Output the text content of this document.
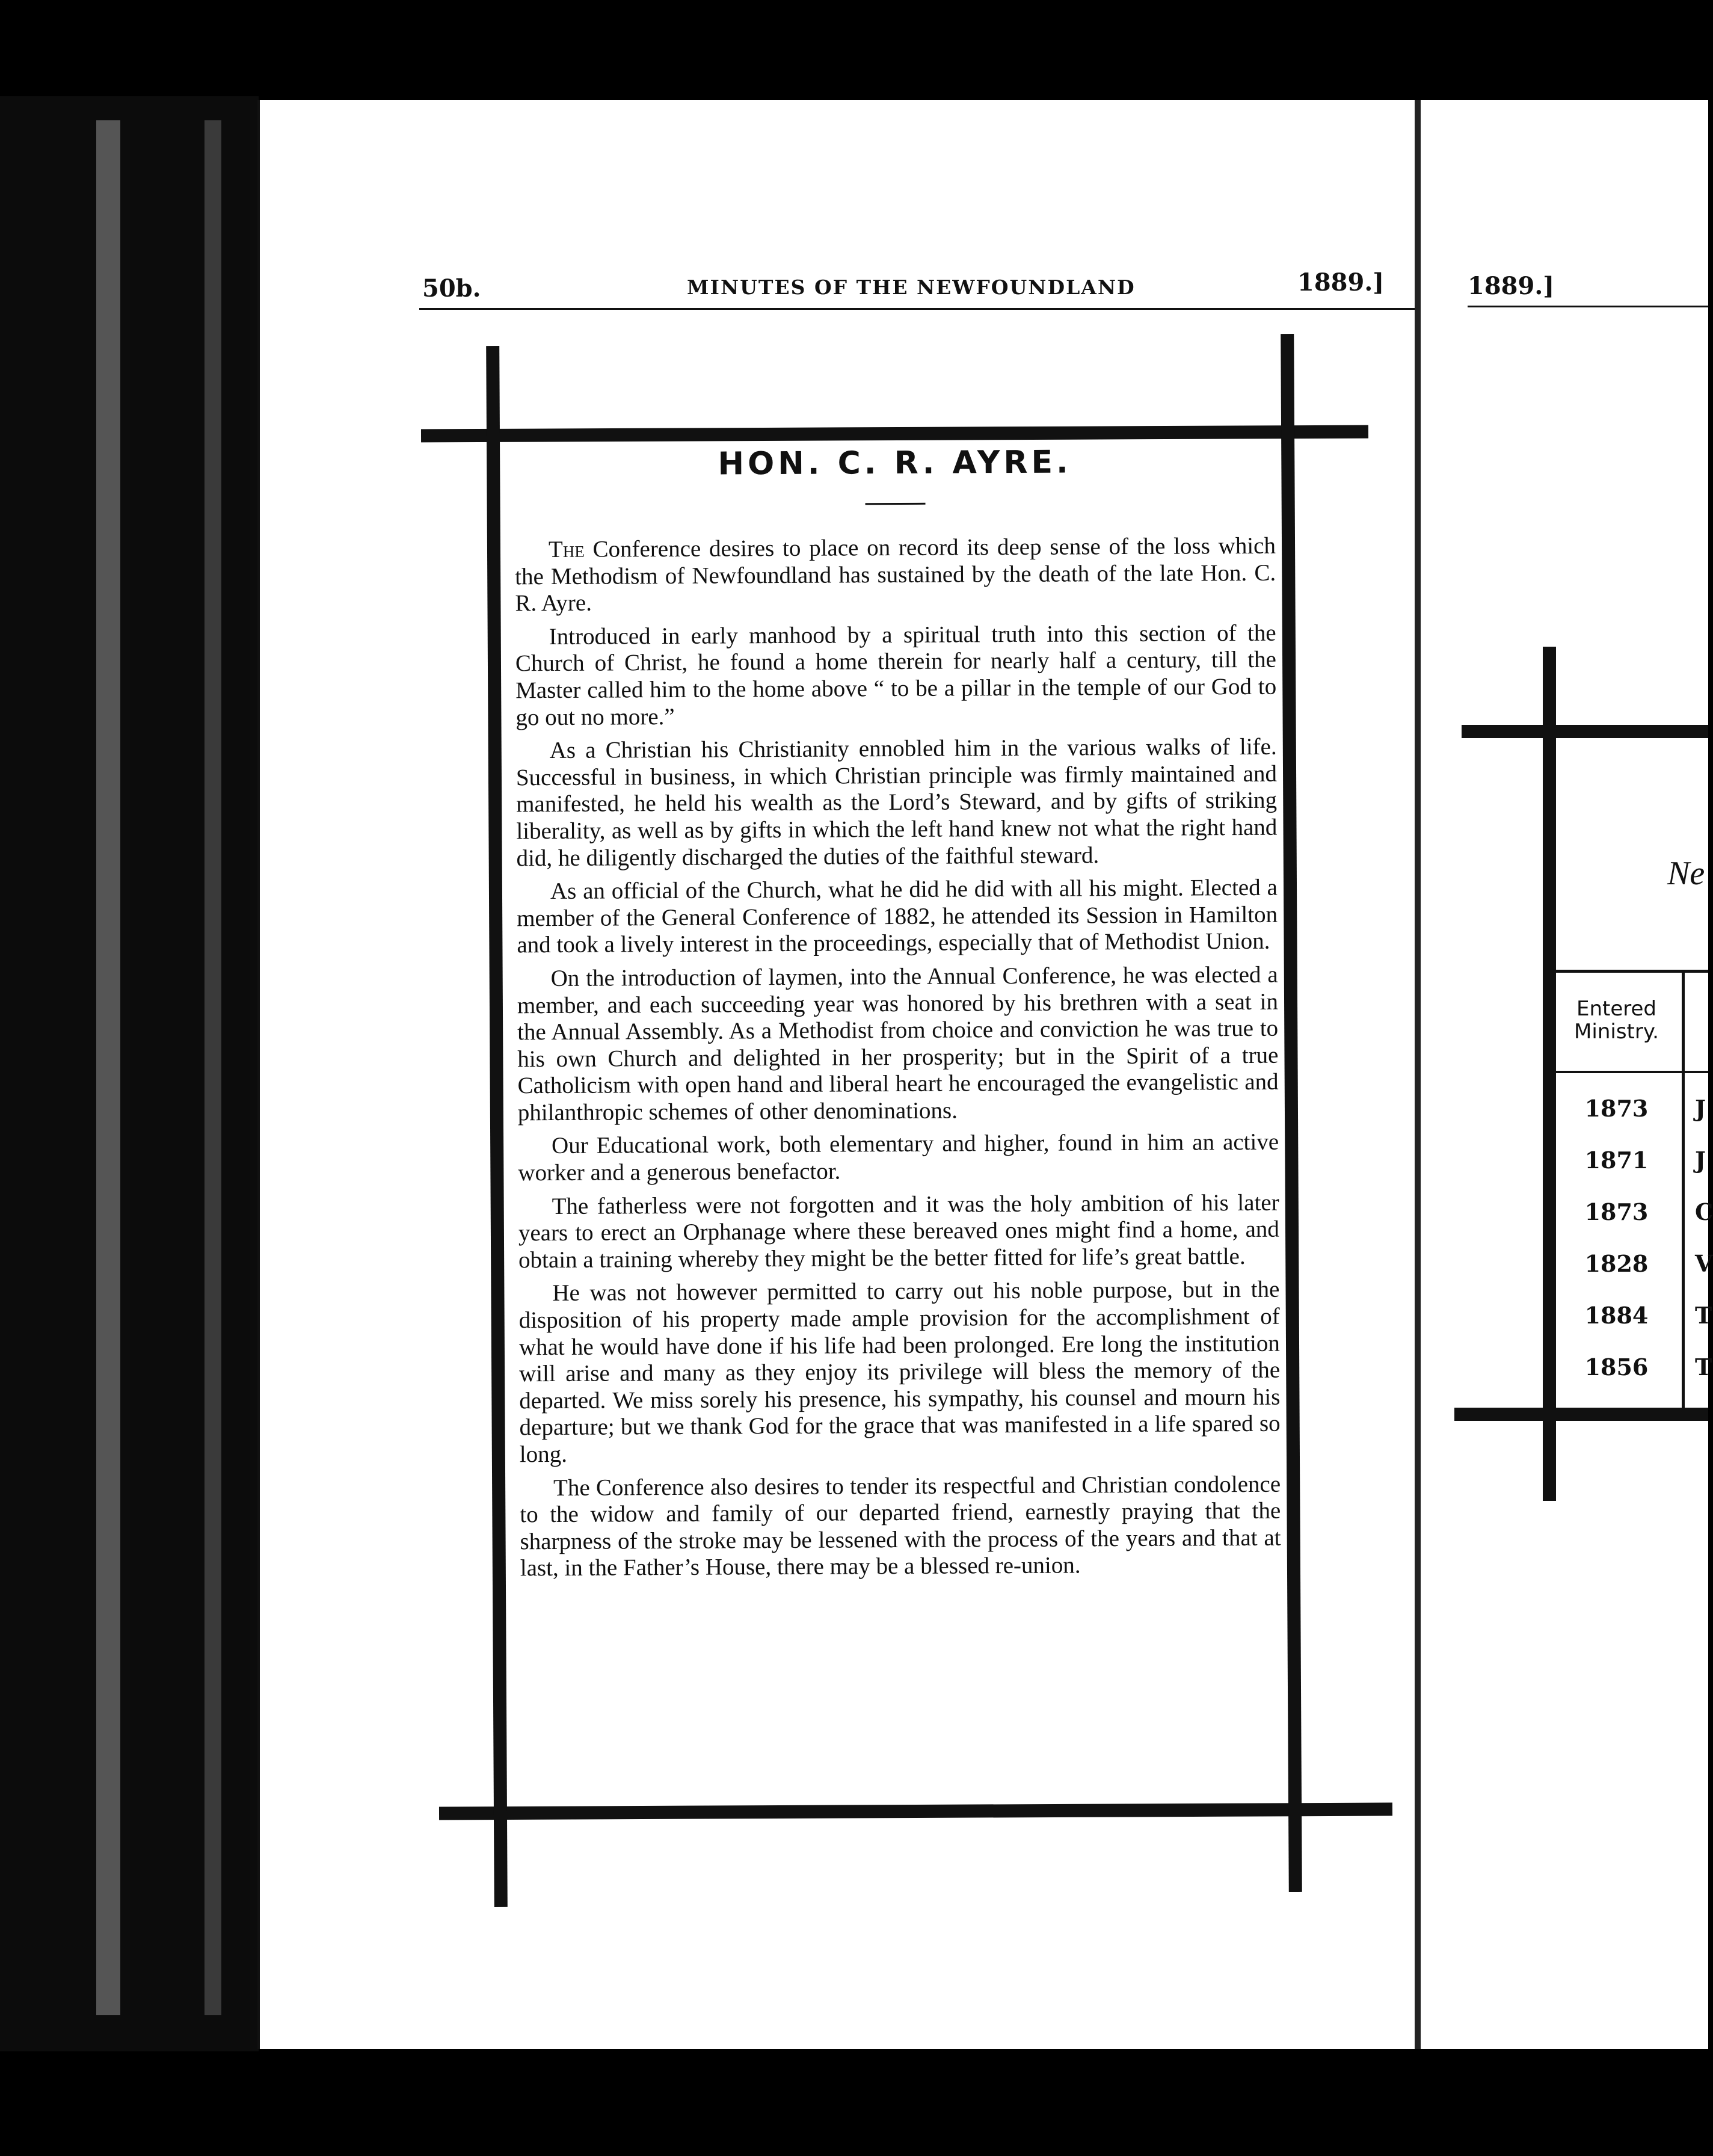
50b.	MINUTES OF THE NEWFOUNDLAND	1889.]
HON. C. R. AYRE.

The Conference desires to place on record its deep sense of the loss which the Methodism of Newfoundland has sustained by the death of the late Hon. C. R. Ayre.

Introduced in early manhood by a spiritual truth into this section of the Church of Christ, he found a home therein for nearly half a century, till the Master called him to the home above “ to be a pillar in the temple of our God to go out no more.”

As a Christian his Christianity ennobled him in the various walks of life. Successful in business, in which Christian principle was firmly maintained and manifested, he held his wealth as the Lord’s Steward, and by gifts of striking liberality, as well as by gifts in which the left hand knew not what the right hand did, he diligently discharged the duties of the faithful steward.

As an official of the Church, what he did he did with all his might. Elected a member of the General Conference of 1882, he attended its Session in Hamilton and took a lively interest in the proceedings, especially that of Methodist Union.

On the introduction of laymen, into the Annual Conference, he was elected a member, and each succeeding year was honored by his brethren with a seat in the Annual Assembly. As a Methodist from choice and conviction he was true to his own Church and delighted in her prosperity; but in the Spirit of a true Catholicism with open hand and liberal heart he encouraged the evangelistic and philanthropic schemes of other denominations.

Our Educational work, both elementary and higher, found in him an active worker and a generous benefactor.

The fatherless were not forgotten and it was the holy ambition of his later years to erect an Orphanage where these bereaved ones might find a home, and obtain a training whereby they might be the better fitted for life’s great battle.

He was not however permitted to carry out his noble purpose, but in the disposition of his property made ample provision for the accomplishment of what he would have done if his life had been prolonged. Ere long the institution will arise and many as they enjoy its privilege will bless the memory of the departed. We miss sorely his presence, his sympathy, his counsel and mourn his departure; but we thank God for the grace that was manifested in a life spared so long.

The Conference also desires to tender its respectful and Christian condolence to the widow and family of our departed friend, earnestly praying that the sharpness of the stroke may be lessened with the process of the years and that at last, in the Father’s House, there may be a blessed re-union.

1889.]
Ne
Entered Ministry.
1873	J
1871	J
1873	C
1828	V
1884	T
1856	T
